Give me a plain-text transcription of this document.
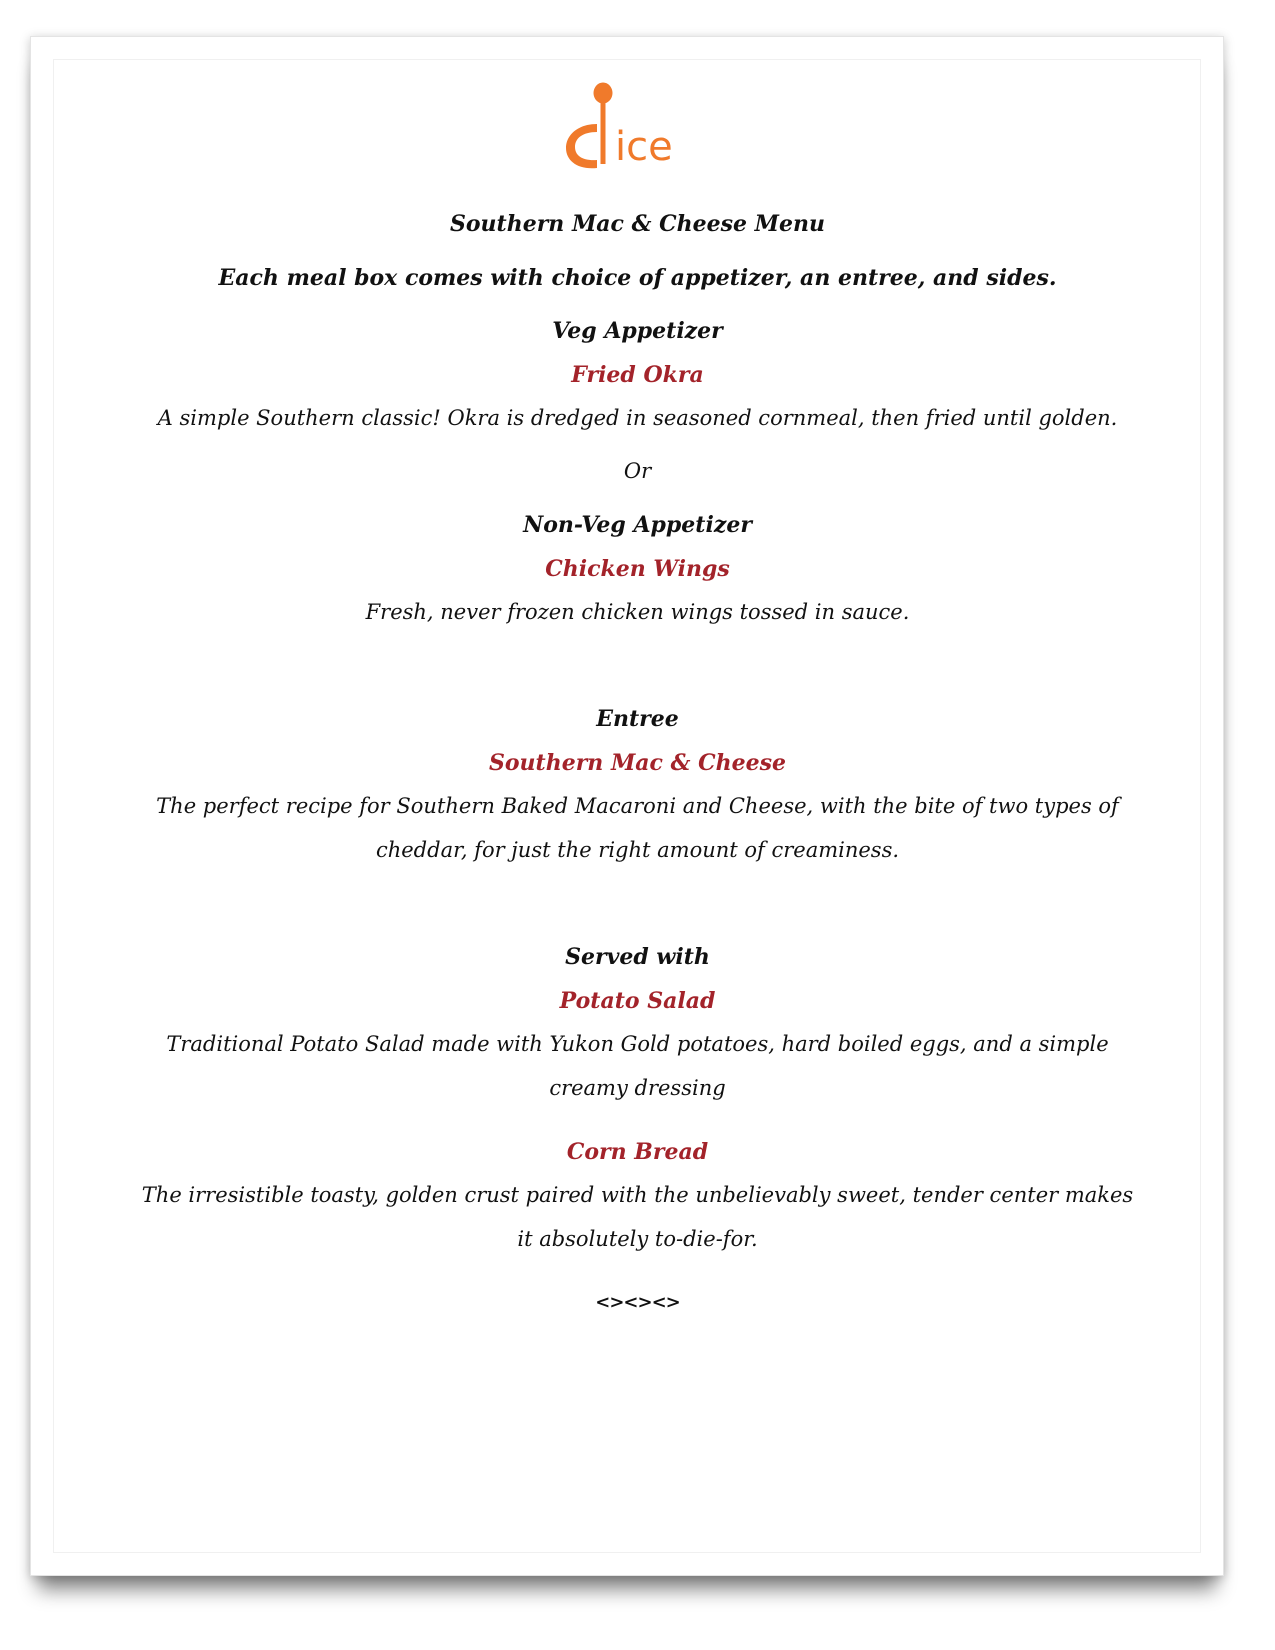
ice
Southern Mac & Cheese Menu
Each meal box comes with choice of appetizer, an entree, and sides.
Veg Appetizer
Fried Okra
A simple Southern classic! Okra is dredged in seasoned cornmeal, then fried until golden.
Or
Non-Veg Appetizer
Chicken Wings
Fresh, never frozen chicken wings tossed in sauce.
Entree
Southern Mac & Cheese
The perfect recipe for Southern Baked Macaroni and Cheese, with the bite of two types of cheddar, for just the right amount of creaminess.
Served with
Potato Salad
Traditional Potato Salad made with Yukon Gold potatoes, hard boiled eggs, and a simple creamy dressing
Corn Bread
The irresistible toasty, golden crust paired with the unbelievably sweet, tender center makes it absolutely to-die-for.
<><><>
